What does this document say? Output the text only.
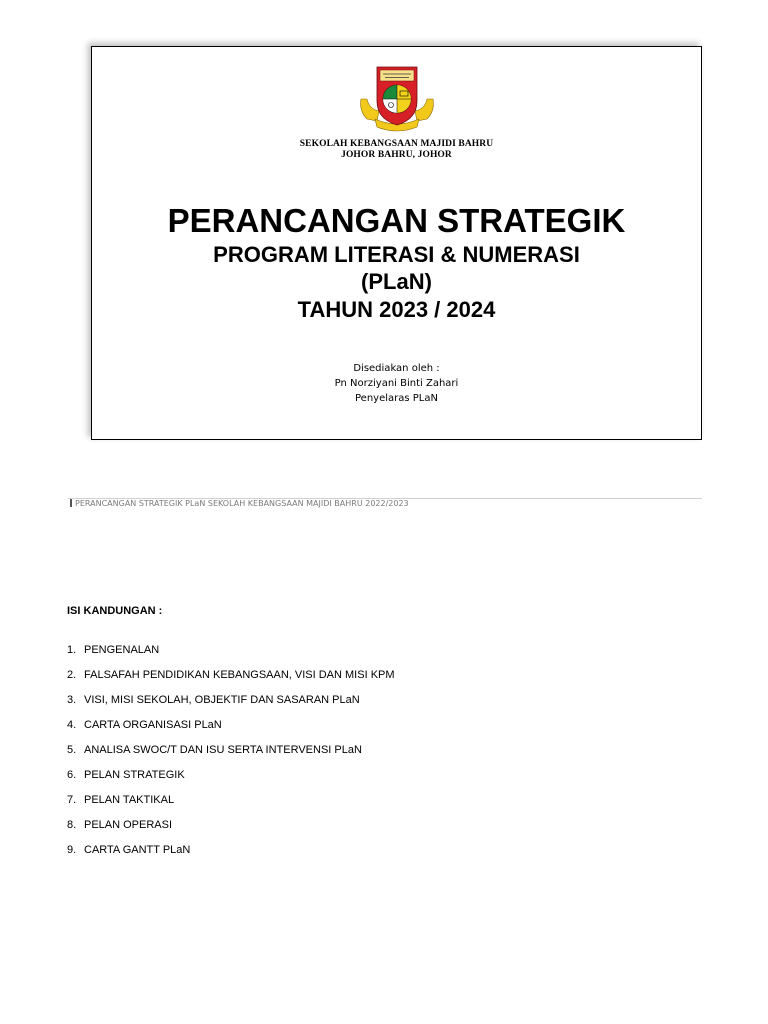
SEKOLAH KEBANGSAAN MAJIDI BAHRU
JOHOR BAHRU, JOHOR
PERANCANGAN STRATEGIK
PROGRAM LITERASI & NUMERASI
(PLaN)
TAHUN 2023 / 2024
Disediakan oleh :
Pn Norziyani Binti Zahari
Penyelaras PLaN
PERANCANGAN STRATEGIK PLaN SEKOLAH KEBANGSAAN MAJIDI BAHRU 2022/2023
ISI KANDUNGAN :
1. PENGENALAN
2. FALSAFAH PENDIDIKAN KEBANGSAAN, VISI DAN MISI KPM
3. VISI, MISI SEKOLAH, OBJEKTIF DAN SASARAN PLaN
4. CARTA ORGANISASI PLaN
5. ANALISA SWOC/T DAN ISU SERTA INTERVENSI PLaN
6. PELAN STRATEGIK
7. PELAN TAKTIKAL
8. PELAN OPERASI
9. CARTA GANTT PLaN
